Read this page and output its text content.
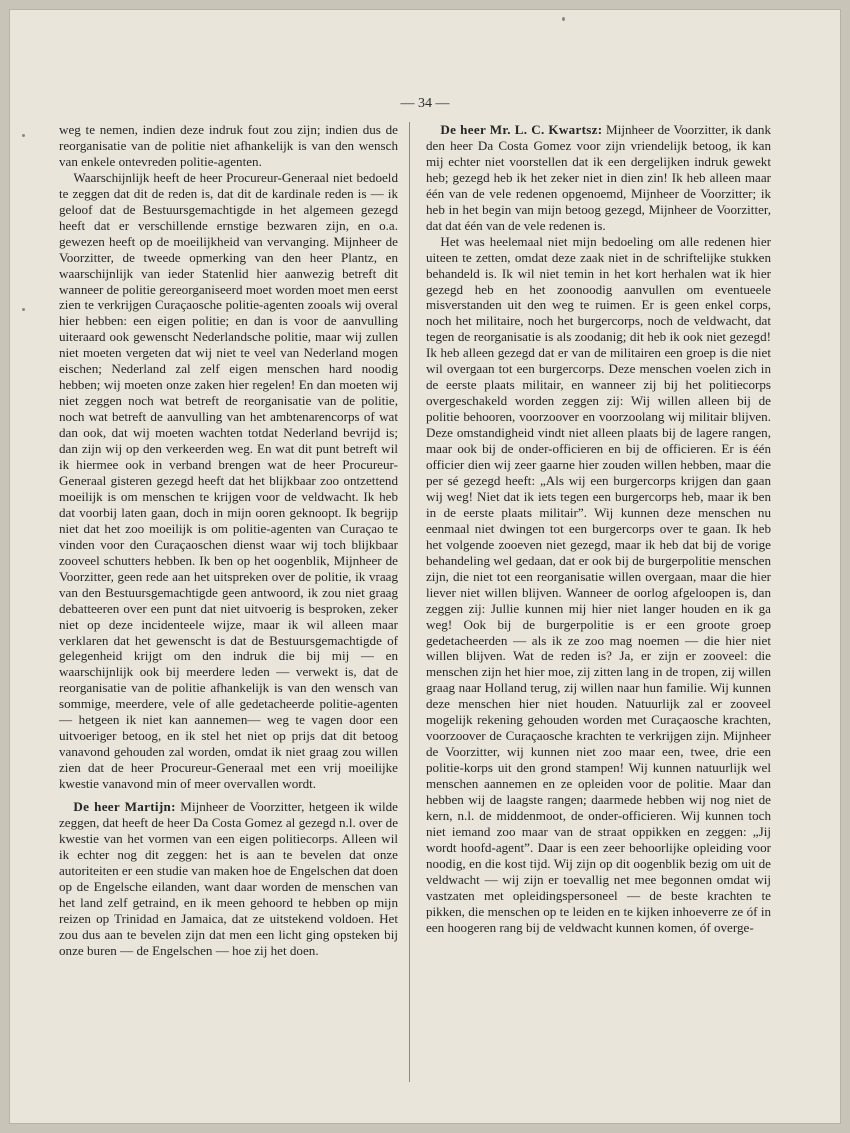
— 34 —

weg te nemen, indien deze indruk fout zou zijn; indien dus de reorganisatie van de politie niet afhankelijk is van den wensch van enkele ontevreden politie-agenten.

Waarschijnlijk heeft de heer Procureur-Generaal niet bedoeld te zeggen dat dit de reden is, dat dit de kardinale reden is — ik geloof dat de Bestuursgemachtigde in het algemeen gezegd heeft dat er verschillende ernstige bezwaren zijn, en o.a. gewezen heeft op de moeilijkheid van vervanging. Mijnheer de Voorzitter, de tweede opmerking van den heer Plantz, en waarschijnlijk van ieder Statenlid hier aanwezig betreft dit wanneer de politie gereorganiseerd moet worden moet men eerst zien te verkrijgen Curaçaosche politie-agenten zooals wij overal hier hebben: een eigen politie; en dan is voor de aanvulling uiteraard ook gewenscht Nederlandsche politie, maar wij zullen niet moeten vergeten dat wij niet te veel van Nederland mogen eischen; Nederland zal zelf eigen menschen hard noodig hebben; wij moeten onze zaken hier regelen! En dan moeten wij niet zeggen noch wat betreft de reorganisatie van de politie, noch wat betreft de aanvulling van het ambtenarencorps of wat dan ook, dat wij moeten wachten totdat Nederland bevrijd is; dan zijn wij op den verkeerden weg. En wat dit punt betreft wil ik hiermee ook in verband brengen wat de heer Procureur-Generaal gisteren gezegd heeft dat het blijkbaar zoo ontzettend moeilijk is om menschen te krijgen voor de veldwacht. Ik heb dat voorbij laten gaan, doch in mijn ooren geknoopt. Ik begrijp niet dat het zoo moeilijk is om politie-agenten van Curaçao te vinden voor den Curaçaoschen dienst waar wij toch blijkbaar zooveel schutters hebben. Ik ben op het oogenblik, Mijnheer de Voorzitter, geen rede aan het uitspreken over de politie, ik vraag van den Bestuursgemachtigde geen antwoord, ik zou niet graag debatteeren over een punt dat niet uitvoerig is besproken, zeker niet op deze incidenteele wijze, maar ik wil alleen maar verklaren dat het gewenscht is dat de Bestuursgemachtigde of gelegenheid krijgt om den indruk die bij mij — en waarschijnlijk ook bij meerdere leden — verwekt is, dat de reorganisatie van de politie afhankelijk is van den wensch van sommige, meerdere, vele of alle gedetacheerde politie-agenten — hetgeen ik niet kan aannemen— weg te vagen door een uitvoeriger betoog, en ik stel het niet op prijs dat dit betoog vanavond gehouden zal worden, omdat ik niet graag zou willen zien dat de heer Procureur-Generaal met een vrij moeilijke kwestie vanavond min of meer overvallen wordt.

De heer Martijn: Mijnheer de Voorzitter, hetgeen ik wilde zeggen, dat heeft de heer Da Costa Gomez al gezegd n.l. over de kwestie van het vormen van een eigen politiecorps. Alleen wil ik echter nog dit zeggen: het is aan te bevelen dat onze autoriteiten er een studie van maken hoe de Engelschen dat doen op de Engelsche eilanden, want daar worden de menschen van het land zelf getraind, en ik meen gehoord te hebben op mijn reizen op Trinidad en Jamaica, dat ze uitstekend voldoen. Het zou dus aan te bevelen zijn dat men een licht ging opsteken bij onze buren — de Engelschen — hoe zij het doen.

De heer Mr. L. C. Kwartsz: Mijnheer de Voorzitter, ik dank den heer Da Costa Gomez voor zijn vriendelijk betoog, ik kan mij echter niet voorstellen dat ik een dergelijken indruk gewekt heb; gezegd heb ik het zeker niet in dien zin! Ik heb alleen maar één van de vele redenen opgenoemd, Mijnheer de Voorzitter; ik heb in het begin van mijn betoog gezegd, Mijnheer de Voorzitter, dat dat één van de vele redenen is.

Het was heelemaal niet mijn bedoeling om alle redenen hier uiteen te zetten, omdat deze zaak niet in de schriftelijke stukken behandeld is. Ik wil niet temin in het kort herhalen wat ik hier gezegd heb en het zoonoodig aanvullen om eventueele misverstanden uit den weg te ruimen. Er is geen enkel corps, noch het militaire, noch het burgercorps, noch de veldwacht, dat tegen de reorganisatie is als zoodanig; dit heb ik ook niet gezegd! Ik heb alleen gezegd dat er van de militairen een groep is die niet wil overgaan tot een burgercorps. Deze menschen voelen zich in de eerste plaats militair, en wanneer zij bij het politiecorps overgeschakeld worden zeggen zij: Wij willen alleen bij de politie behooren, voorzoover en voorzoolang wij militair blijven. Deze omstandigheid vindt niet alleen plaats bij de lagere rangen, maar ook bij de onder-officieren en bij de officieren. Er is één officier dien wij zeer gaarne hier zouden willen hebben, maar die per sé gezegd heeft: „Als wij een burgercorps krijgen dan gaan wij weg! Niet dat ik iets tegen een burgercorps heb, maar ik ben in de eerste plaats militair”. Wij kunnen deze menschen nu eenmaal niet dwingen tot een burgercorps over te gaan. Ik heb het volgende zooeven niet gezegd, maar ik heb dat bij de vorige behandeling wel gedaan, dat er ook bij de burgerpolitie menschen zijn, die niet tot een reorganisatie willen overgaan, maar die hier liever niet willen blijven. Wanneer de oorlog afgeloopen is, dan zeggen zij: Jullie kunnen mij hier niet langer houden en ik ga weg! Ook bij de burgerpolitie is er een groote groep gedetacheerden — als ik ze zoo mag noemen — die hier niet willen blijven. Wat de reden is? Ja, er zijn er zooveel: die menschen zijn het hier moe, zij zitten lang in de tropen, zij willen graag naar Holland terug, zij willen naar hun familie. Wij kunnen deze menschen hier niet houden. Natuurlijk zal er zooveel mogelijk rekening gehouden worden met Curaçaosche krachten, voorzoover de Curaçaosche krachten te verkrijgen zijn. Mijnheer de Voorzitter, wij kunnen niet zoo maar een, twee, drie een politie-korps uit den grond stampen! Wij kunnen natuurlijk wel menschen aannemen en ze opleiden voor de politie. Maar dan hebben wij de laagste rangen; daarmede hebben wij nog niet de kern, n.l. de middenmoot, de onder-officieren. Wij kunnen toch niet iemand zoo maar van de straat oppikken en zeggen: „Jij wordt hoofd-agent”. Daar is een zeer behoorlijke opleiding voor noodig, en die kost tijd. Wij zijn op dit oogenblik bezig om uit de veldwacht — wij zijn er toevallig net mee begonnen omdat wij vastzaten met opleidingspersoneel — de beste krachten te pikken, die menschen op te leiden en te kijken inhoeverre ze óf in een hoogeren rang bij de veldwacht kunnen komen, óf overge-
